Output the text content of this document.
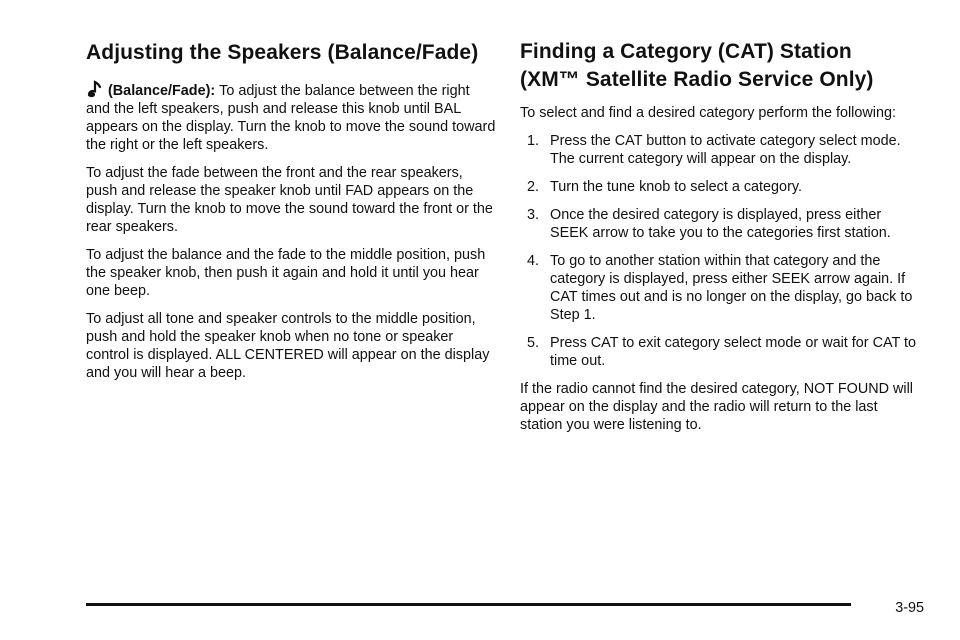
Adjusting the Speakers (Balance/Fade)

(Balance/Fade): To adjust the balance between the right and the left speakers, push and release this knob until BAL appears on the display. Turn the knob to move the sound toward the right or the left speakers.

To adjust the fade between the front and the rear speakers, push and release the speaker knob until FAD appears on the display. Turn the knob to move the sound toward the front or the rear speakers.

To adjust the balance and the fade to the middle position, push the speaker knob, then push it again and hold it until you hear one beep.

To adjust all tone and speaker controls to the middle position, push and hold the speaker knob when no tone or speaker control is displayed. ALL CENTERED will appear on the display and you will hear a beep.

Finding a Category (CAT) Station
(XM™ Satellite Radio Service Only)

To select and find a desired category perform the following:

1. Press the CAT button to activate category select mode. The current category will appear on the display.
2. Turn the tune knob to select a category.
3. Once the desired category is displayed, press either SEEK arrow to take you to the categories first station.
4. To go to another station within that category and the category is displayed, press either SEEK arrow again. If CAT times out and is no longer on the display, go back to Step 1.
5. Press CAT to exit category select mode or wait for CAT to time out.

If the radio cannot find the desired category, NOT FOUND will appear on the display and the radio will return to the last station you were listening to.

3-95
